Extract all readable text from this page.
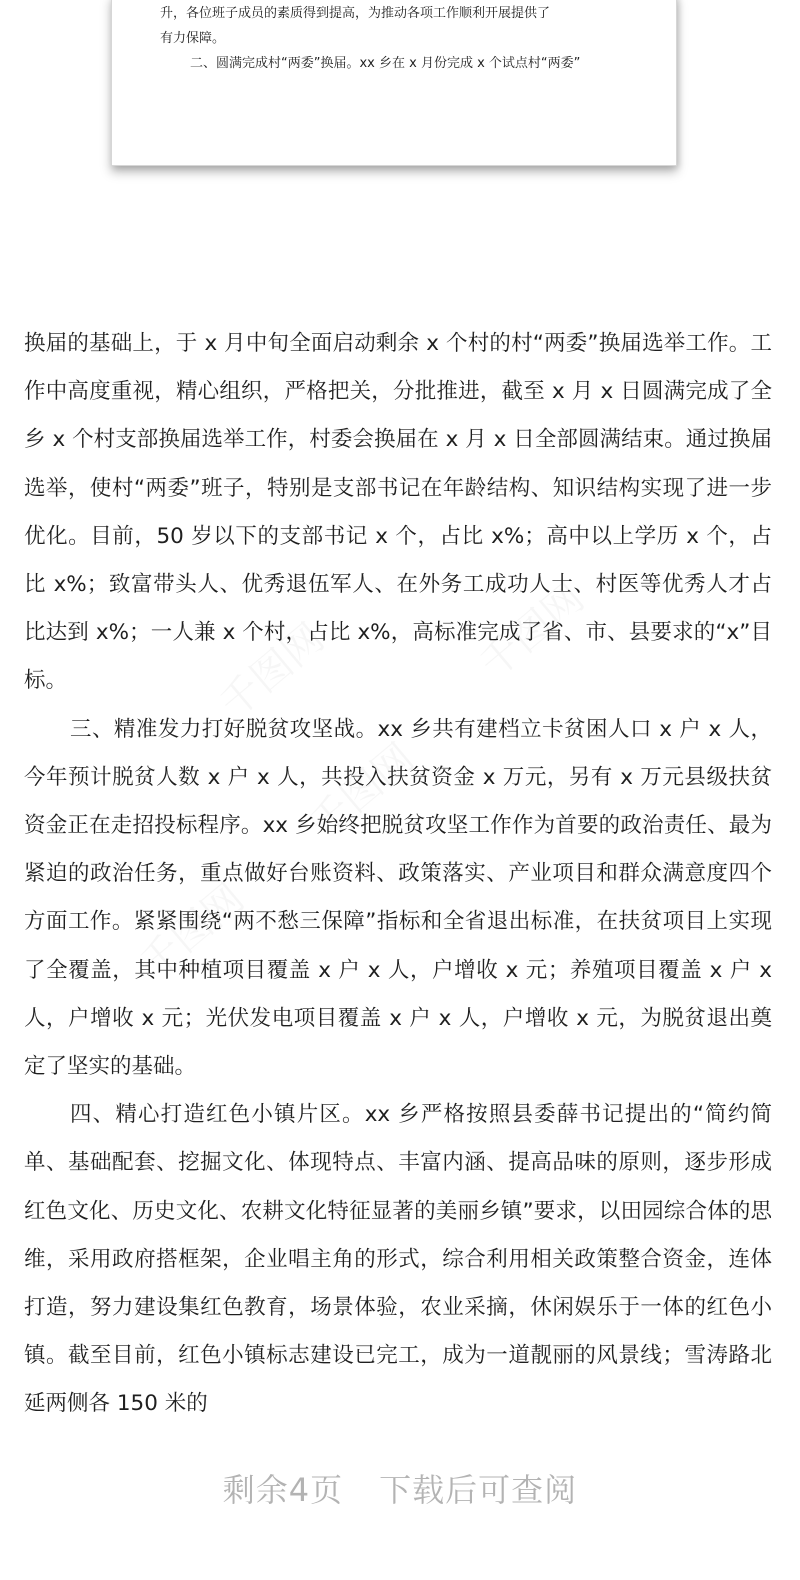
升，各位班子成员的素质得到提高，为推动各项工作顺利开展提供了

有力保障。

二、圆满完成村“两委”换届。xx 乡在 x 月份完成 x 个试点村“两委”

换届的基础上，于 x 月中旬全面启动剩余 x 个村的村“两委”换届选举工作。工作中高度重视，精心组织，严格把关，分批推进，截至 x 月 x 日圆满完成了全乡 x 个村支部换届选举工作，村委会换届在 x 月 x 日全部圆满结束。通过换届选举，使村“两委”班子，特别是支部书记在年龄结构、知识结构实现了进一步优化。目前，50 岁以下的支部书记 x 个，占比 x%；高中以上学历 x 个，占比 x%；致富带头人、优秀退伍军人、在外务工成功人士、村医等优秀人才占比达到 x%；一人兼 x 个村，占比 x%，高标准完成了省、市、县要求的“x”目标。

三、精准发力打好脱贫攻坚战。xx 乡共有建档立卡贫困人口 x 户 x 人，今年预计脱贫人数 x 户 x 人，共投入扶贫资金 x 万元，另有 x 万元县级扶贫资金正在走招投标程序。xx 乡始终把脱贫攻坚工作作为首要的政治责任、最为紧迫的政治任务，重点做好台账资料、政策落实、产业项目和群众满意度四个方面工作。紧紧围绕“两不愁三保障”指标和全省退出标准，在扶贫项目上实现了全覆盖，其中种植项目覆盖 x 户 x 人，户增收 x 元；养殖项目覆盖 x 户 x 人，户增收 x 元；光伏发电项目覆盖 x 户 x 人，户增收 x 元，为脱贫退出奠定了坚实的基础。

四、精心打造红色小镇片区。xx 乡严格按照县委薛书记提出的“简约简单、基础配套、挖掘文化、体现特点、丰富内涵、提高品味的原则，逐步形成红色文化、历史文化、农耕文化特征显著的美丽乡镇”要求，以田园综合体的思维，采用政府搭框架，企业唱主角的形式，综合利用相关政策整合资金，连体打造，努力建设集红色教育，场景体验，农业采摘，休闲娱乐于一体的红色小镇。截至目前，红色小镇标志建设已完工，成为一道靓丽的风景线；雪涛路北延两侧各 150 米的

剩余4页 下载后可查阅
